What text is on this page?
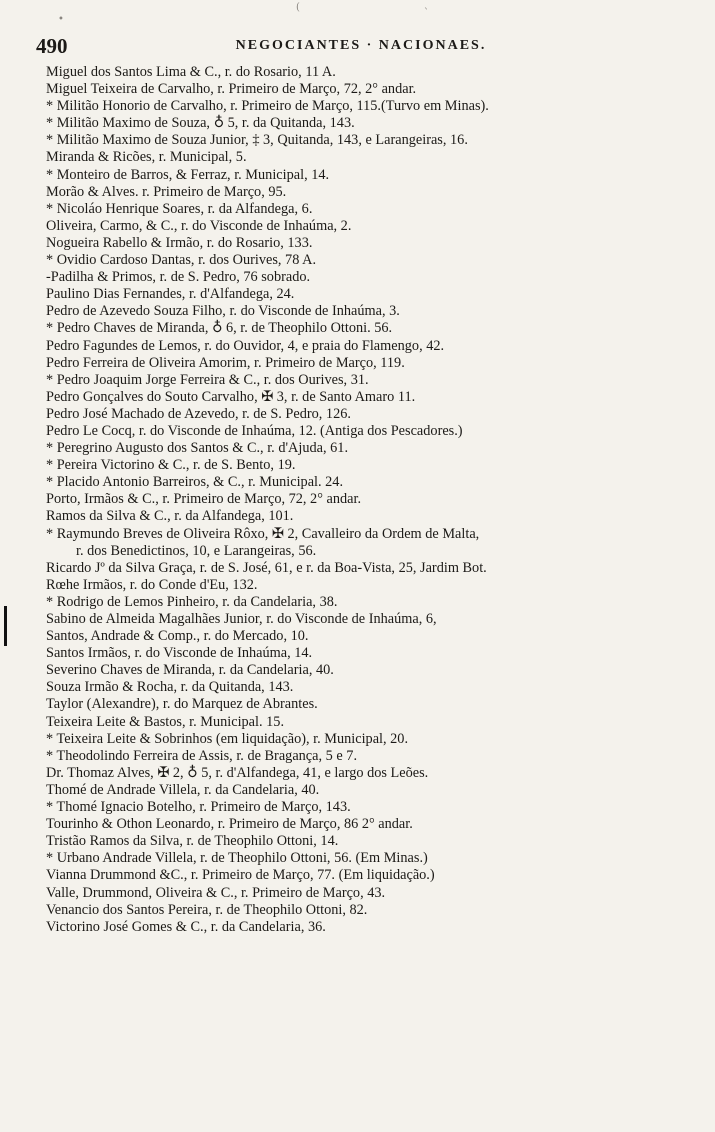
•
(
`
490	NEGOCIANTES · NACIONAES.
Miguel dos Santos Lima & C., r. do Rosario, 11 A.
Miguel Teixeira de Carvalho, r. Primeiro de Março, 72, 2° andar.
* Militão Honorio de Carvalho, r. Primeiro de Março, 115.(Turvo em Minas).
* Militão Maximo de Souza, ♁ 5, r. da Quitanda, 143.
* Militão Maximo de Souza Junior, ‡ 3, Quitanda, 143, e Larangeiras, 16.
Miranda & Ricões, r. Municipal, 5.
* Monteiro de Barros, & Ferraz, r. Municipal, 14.
Morão & Alves. r. Primeiro de Março, 95.
* Nicoláo Henrique Soares, r. da Alfandega, 6.
Oliveira, Carmo, & C., r. do Visconde de Inhaúma, 2.
Nogueira Rabello & Irmão, r. do Rosario, 133.
* Ovidio Cardoso Dantas, r. dos Ourives, 78 A.
-Padilha & Primos, r. de S. Pedro, 76 sobrado.
Paulino Dias Fernandes, r. d'Alfandega, 24.
Pedro de Azevedo Souza Filho, r. do Visconde de Inhaúma, 3.
* Pedro Chaves de Miranda, ♁ 6, r. de Theophilo Ottoni. 56.
Pedro Fagundes de Lemos, r. do Ouvidor, 4, e praia do Flamengo, 42.
Pedro Ferreira de Oliveira Amorim, r. Primeiro de Março, 119.
* Pedro Joaquim Jorge Ferreira & C., r. dos Ourives, 31.
Pedro Gonçalves do Souto Carvalho, ✠ 3, r. de Santo Amaro 11.
Pedro José Machado de Azevedo, r. de S. Pedro, 126.
Pedro Le Cocq, r. do Visconde de Inhaúma, 12. (Antiga dos Pescadores.)
* Peregrino Augusto dos Santos & C., r. d'Ajuda, 61.
* Pereira Victorino & C., r. de S. Bento, 19.
* Placido Antonio Barreiros, & C., r. Municipal. 24.
Porto, Irmãos & C., r. Primeiro de Março, 72, 2° andar.
Ramos da Silva & C., r. da Alfandega, 101.
* Raymundo Breves de Oliveira Rôxo, ✠ 2, Cavalleiro da Ordem de Malta,
r. dos Benedictinos, 10, e Larangeiras, 56.
Ricardo Jº da Silva Graça, r. de S. José, 61, e r. da Boa-Vista, 25, Jardim Bot.
Rœhe Irmãos, r. do Conde d'Eu, 132.
* Rodrigo de Lemos Pinheiro, r. da Candelaria, 38.
Sabino de Almeida Magalhães Junior, r. do Visconde de Inhaúma, 6,
Santos, Andrade & Comp., r. do Mercado, 10.
Santos Irmãos, r. do Visconde de Inhaúma, 14.
Severino Chaves de Miranda, r. da Candelaria, 40.
Souza Irmão & Rocha, r. da Quitanda, 143.
Taylor (Alexandre), r. do Marquez de Abrantes.
Teixeira Leite & Bastos, r. Municipal. 15.
* Teixeira Leite & Sobrinhos (em liquidação), r. Municipal, 20.
* Theodolindo Ferreira de Assis, r. de Bragança, 5 e 7.
Dr. Thomaz Alves, ✠ 2, ♁ 5, r. d'Alfandega, 41, e largo dos Leões.
Thomé de Andrade Villela, r. da Candelaria, 40.
* Thomé Ignacio Botelho, r. Primeiro de Março, 143.
Tourinho & Othon Leonardo, r. Primeiro de Março, 86 2° andar.
Tristão Ramos da Silva, r. de Theophilo Ottoni, 14.
* Urbano Andrade Villela, r. de Theophilo Ottoni, 56. (Em Minas.)
Vianna Drummond &C., r. Primeiro de Março, 77. (Em liquidação.)
Valle, Drummond, Oliveira & C., r. Primeiro de Março, 43.
Venancio dos Santos Pereira, r. de Theophilo Ottoni, 82.
Victorino José Gomes & C., r. da Candelaria, 36.
